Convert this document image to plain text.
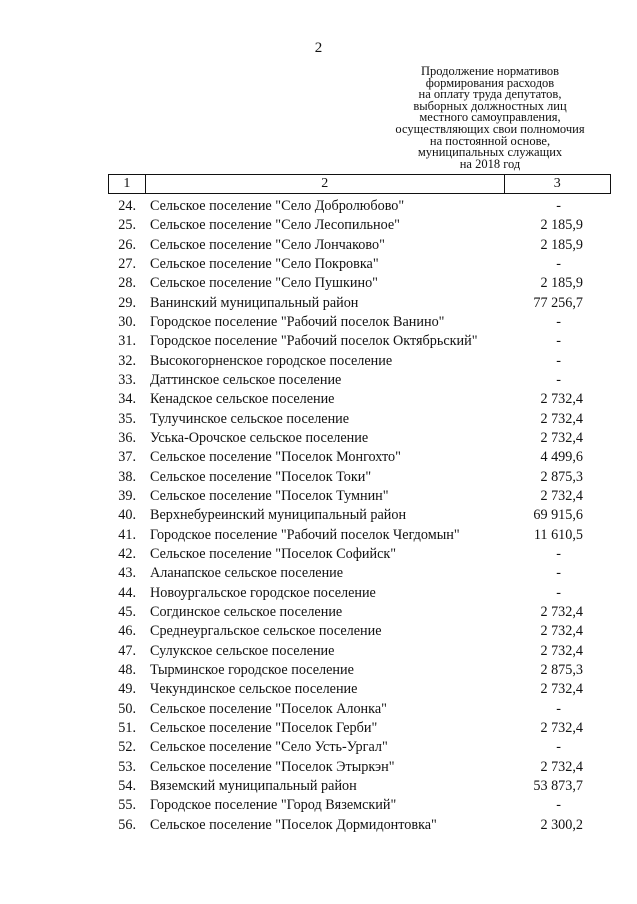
2
Продолжение нормативов
формирования расходов
на оплату труда депутатов,
выборных должностных лиц
местного самоуправления,
осуществляющих свои полномочия
на постоянной основе,
муниципальных служащих
на 2018 год
1	2	3
24. Сельское поселение "Село Добролюбово"	-
25. Сельское поселение "Село Лесопильное"	2 185,9
26. Сельское поселение "Село Лончаково"	2 185,9
27. Сельское поселение "Село Покровка"	-
28. Сельское поселение "Село Пушкино"	2 185,9
29. Ванинский муниципальный район	77 256,7
30. Городское поселение "Рабочий поселок Ванино"	-
31. Городское поселение "Рабочий поселок Октябрьский"	-
32. Высокогорненское городское поселение	-
33. Даттинское сельское поселение	-
34. Кенадское сельское поселение	2 732,4
35. Тулучинское сельское поселение	2 732,4
36. Уська-Орочское сельское поселение	2 732,4
37. Сельское поселение "Поселок Монгохто"	4 499,6
38. Сельское поселение "Поселок Токи"	2 875,3
39. Сельское поселение "Поселок Тумнин"	2 732,4
40. Верхнебуреинский муниципальный район	69 915,6
41. Городское поселение "Рабочий поселок Чегдомын"	11 610,5
42. Сельское поселение "Поселок Софийск"	-
43. Аланапское сельское поселение	-
44. Новоургальское городское поселение	-
45. Согдинское сельское поселение	2 732,4
46. Среднеургальское сельское поселение	2 732,4
47. Сулукское сельское поселение	2 732,4
48. Тырминское городское поселение	2 875,3
49. Чекундинское сельское поселение	2 732,4
50. Сельское поселение "Поселок Алонка"	-
51. Сельское поселение "Поселок Герби"	2 732,4
52. Сельское поселение "Село Усть-Ургал"	-
53. Сельское поселение "Поселок Этыркэн"	2 732,4
54. Вяземский муниципальный район	53 873,7
55. Городское поселение "Город Вяземский"	-
56. Сельское поселение "Поселок Дормидонтовка"	2 300,2
